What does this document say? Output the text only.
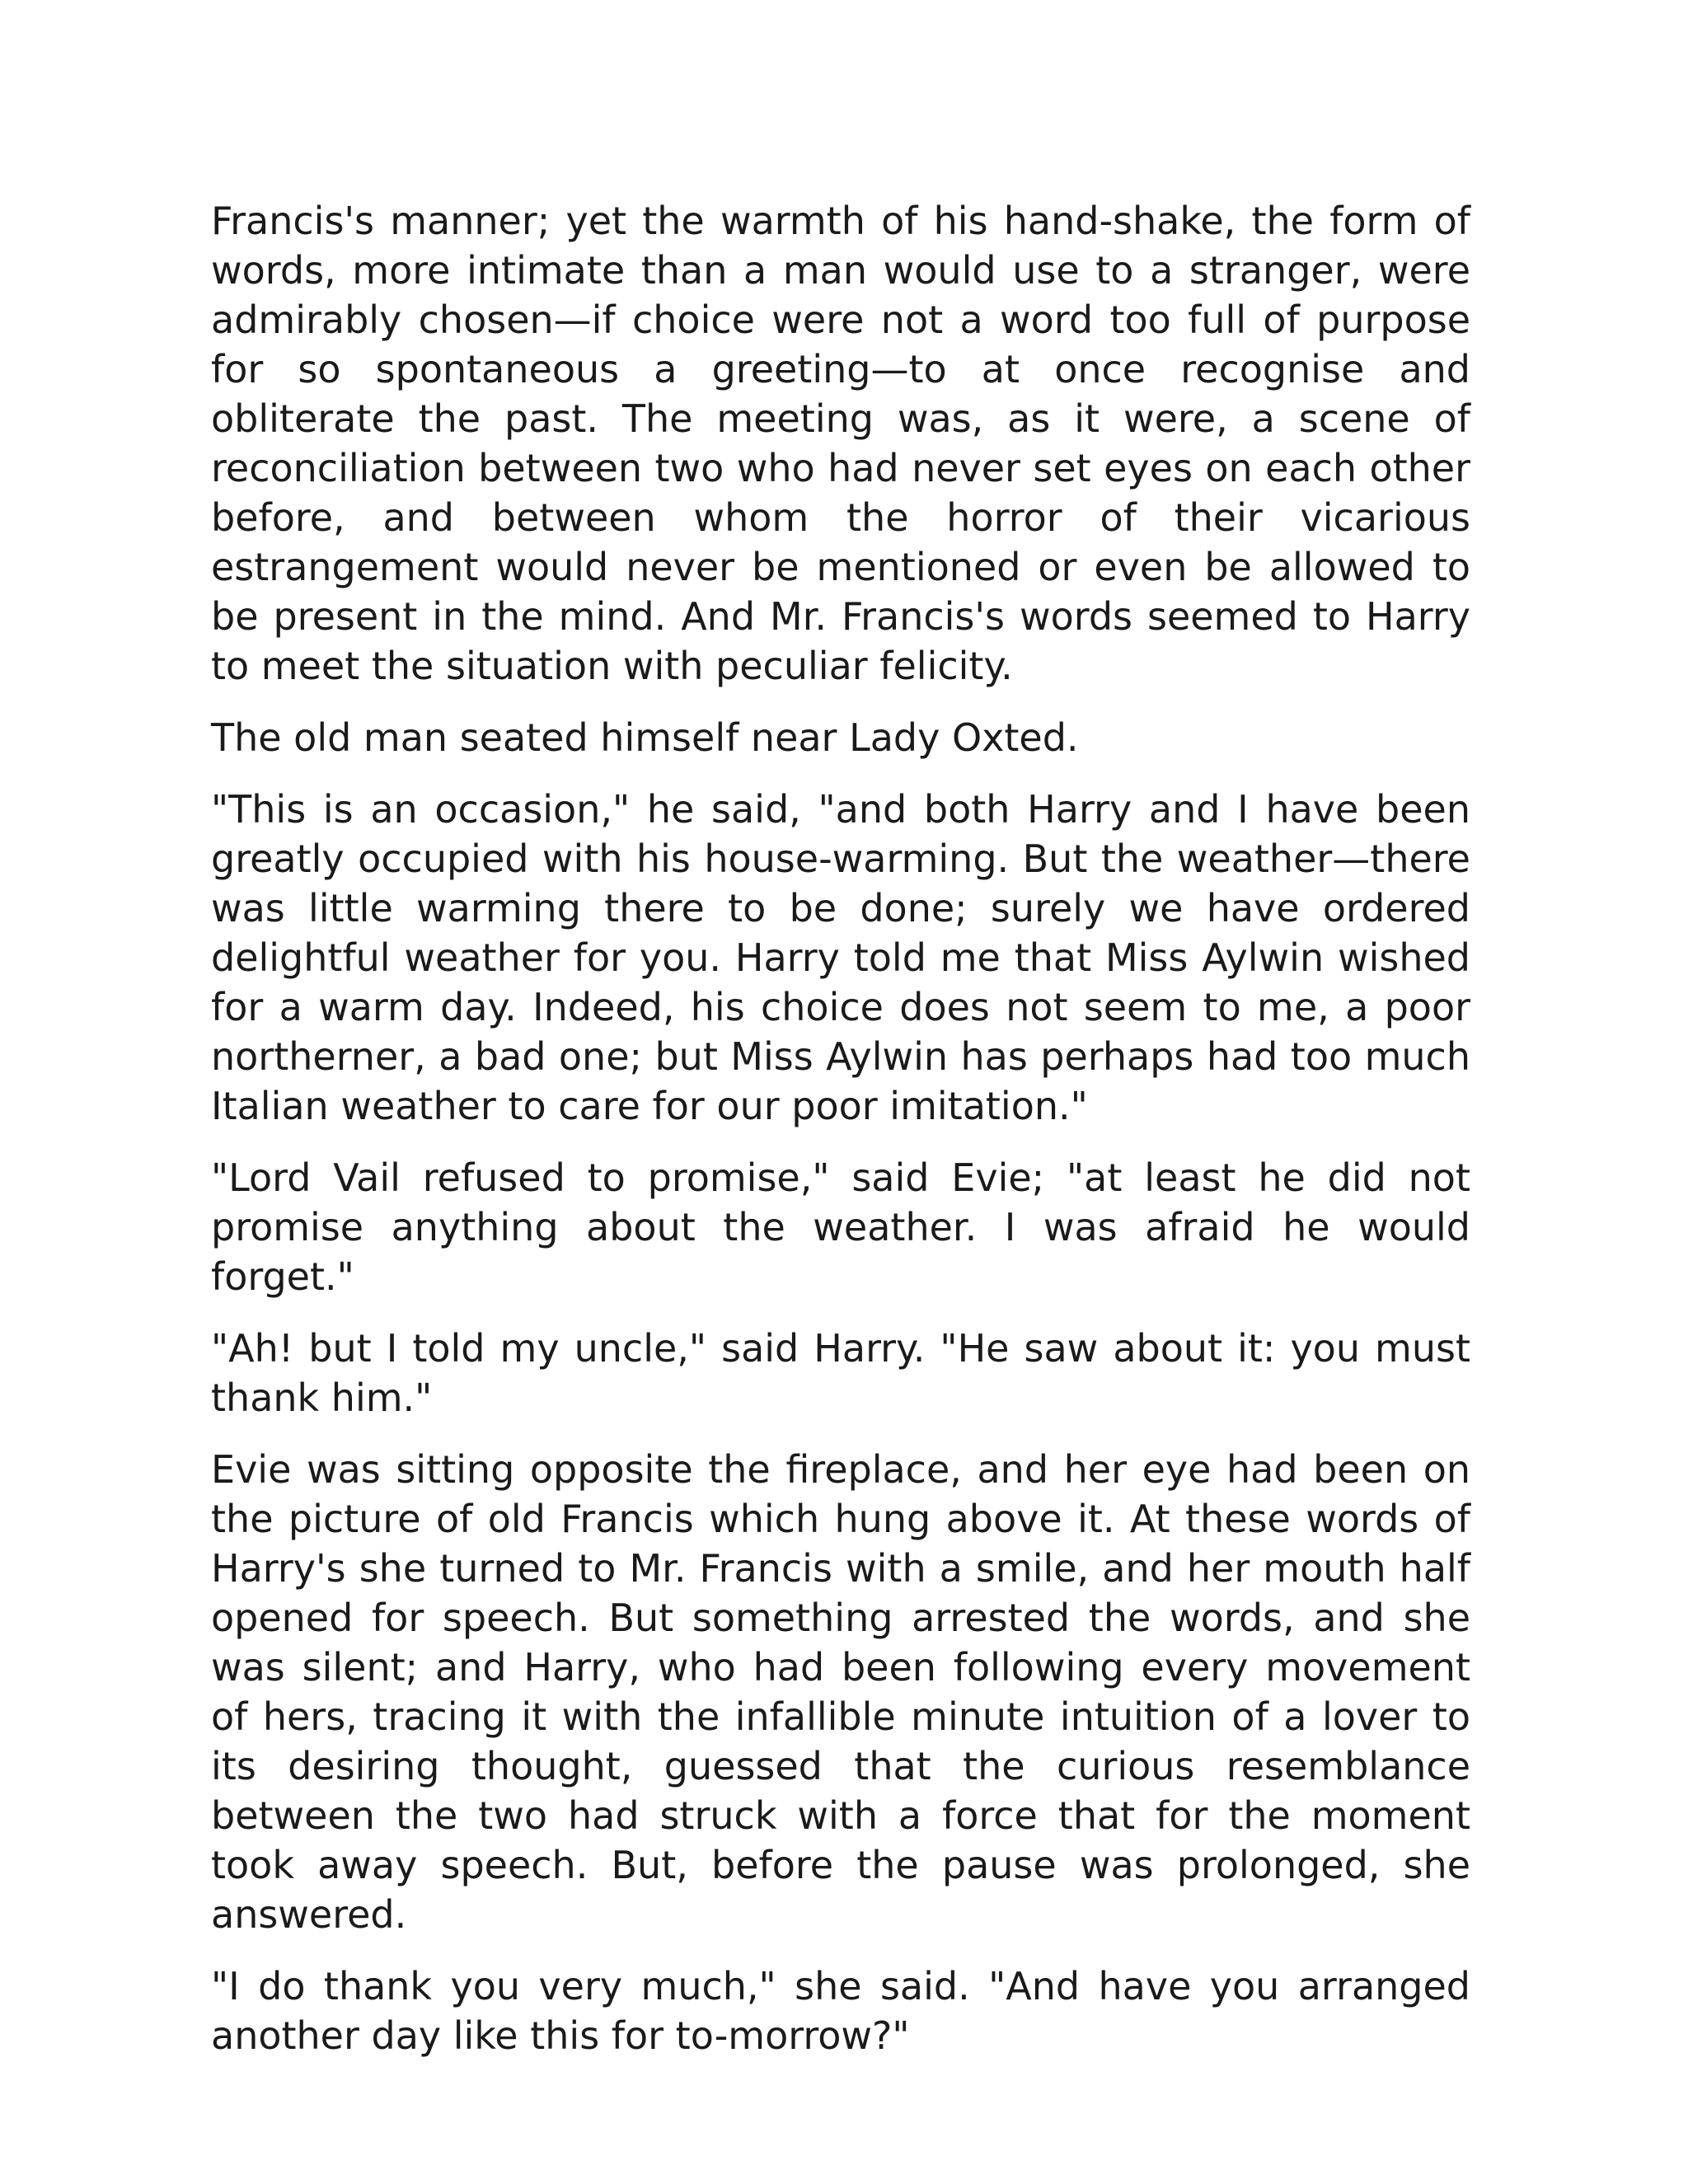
Francis's manner; yet the warmth of his hand-shake, the form of words, more intimate than a man would use to a stranger, were admirably chosen—if choice were not a word too full of purpose for so spontaneous a greeting—to at once recognise and obliterate the past. The meeting was, as it were, a scene of reconciliation between two who had never set eyes on each other before, and between whom the horror of their vicarious estrangement would never be mentioned or even be allowed to be present in the mind. And Mr. Francis's words seemed to Harry to meet the situation with peculiar felicity.

The old man seated himself near Lady Oxted.

"This is an occasion," he said, "and both Harry and I have been greatly occupied with his house-warming. But the weather—there was little warming there to be done; surely we have ordered delightful weather for you. Harry told me that Miss Aylwin wished for a warm day. Indeed, his choice does not seem to me, a poor northerner, a bad one; but Miss Aylwin has perhaps had too much Italian weather to care for our poor imitation."

"Lord Vail refused to promise," said Evie; "at least he did not promise anything about the weather. I was afraid he would forget."

"Ah! but I told my uncle," said Harry. "He saw about it: you must thank him."

Evie was sitting opposite the fireplace, and her eye had been on the picture of old Francis which hung above it. At these words of Harry's she turned to Mr. Francis with a smile, and her mouth half opened for speech. But something arrested the words, and she was silent; and Harry, who had been following every movement of hers, tracing it with the infallible minute intuition of a lover to its desiring thought, guessed that the curious resemblance between the two had struck with a force that for the moment took away speech. But, before the pause was prolonged, she answered.

"I do thank you very much," she said. "And have you arranged another day like this for to-morrow?"
